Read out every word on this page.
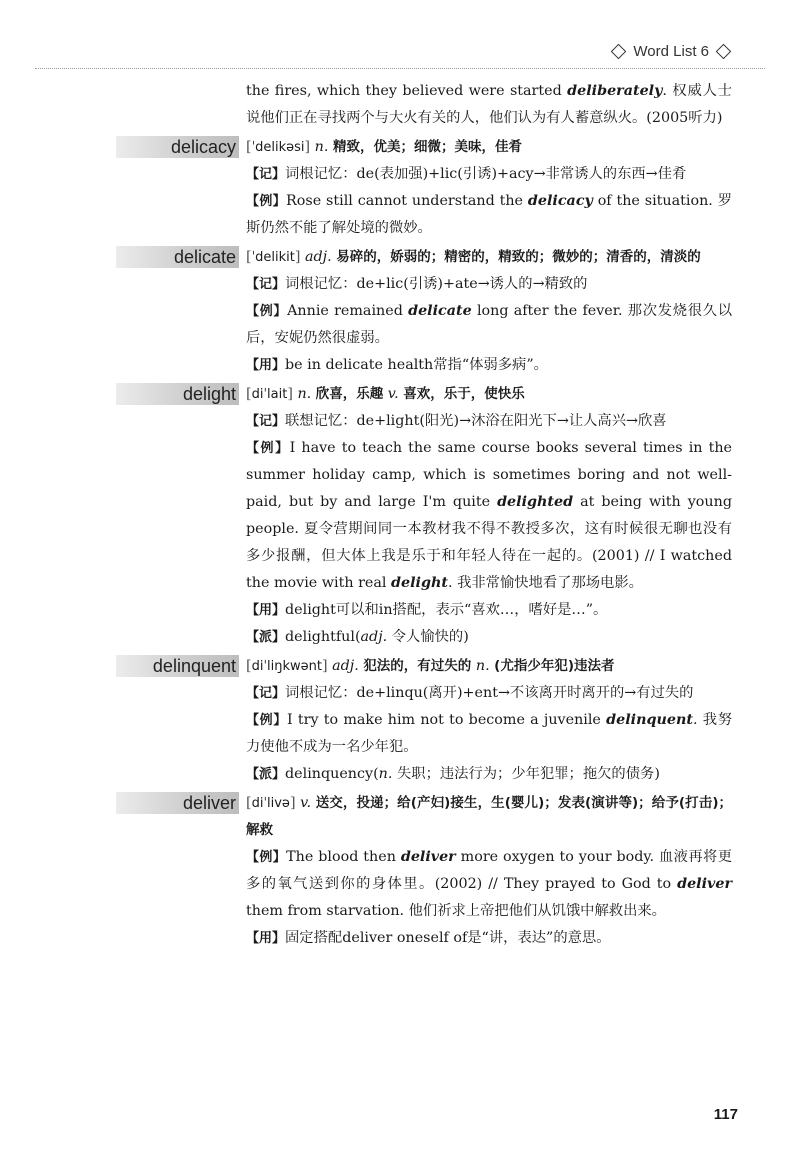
Word List 6
the fires, which they believed were started deliberately. 权威人士说他们正在寻找两个与大火有关的人，他们认为有人蓄意纵火。(2005听力)
delicacy [ˈdelikəsi] n. 精致，优美；细微；美味，佳肴
【记】词根记忆：de(表加强)+lic(引诱)+acy→非常诱人的东西→佳肴
【例】Rose still cannot understand the delicacy of the situation. 罗斯仍然不能了解处境的微妙。
delicate [ˈdelikit] adj. 易碎的，娇弱的；精密的，精致的；微妙的；清香的，清淡的
【记】词根记忆：de+lic(引诱)+ate→诱人的→精致的
【例】Annie remained delicate long after the fever. 那次发烧很久以后，安妮仍然很虚弱。
【用】be in delicate health常指“体弱多病”。
delight [diˈlait] n. 欣喜，乐趣 v. 喜欢，乐于，使快乐
【记】联想记忆：de+light(阳光)→沐浴在阳光下→让人高兴→欣喜
【例】I have to teach the same course books several times in the summer holiday camp, which is sometimes boring and not well-paid, but by and large I'm quite delighted at being with young people. 夏令营期间同一本教材我不得不教授多次，这有时候很无聊也没有多少报酬，但大体上我是乐于和年轻人待在一起的。(2001) // I watched the movie with real delight. 我非常愉快地看了那场电影。
【用】delight可以和in搭配，表示“喜欢…，嗜好是…”。
【派】delightful(adj. 令人愉快的)
delinquent [diˈliŋkwənt] adj. 犯法的，有过失的 n. (尤指少年犯)违法者
【记】词根记忆：de+linqu(离开)+ent→不该离开时离开的→有过失的
【例】I try to make him not to become a juvenile delinquent. 我努力使他不成为一名少年犯。
【派】delinquency(n. 失职；违法行为；少年犯罪；拖欠的债务)
deliver [diˈlivə] v. 送交，投递；给(产妇)接生，生(婴儿)；发表(演讲等)；给予(打击)；解救
【例】The blood then deliver more oxygen to your body. 血液再将更多的氧气送到你的身体里。(2002) // They prayed to God to deliver them from starvation. 他们祈求上帝把他们从饥饿中解救出来。
【用】固定搭配deliver oneself of是“讲，表达”的意思。
117
